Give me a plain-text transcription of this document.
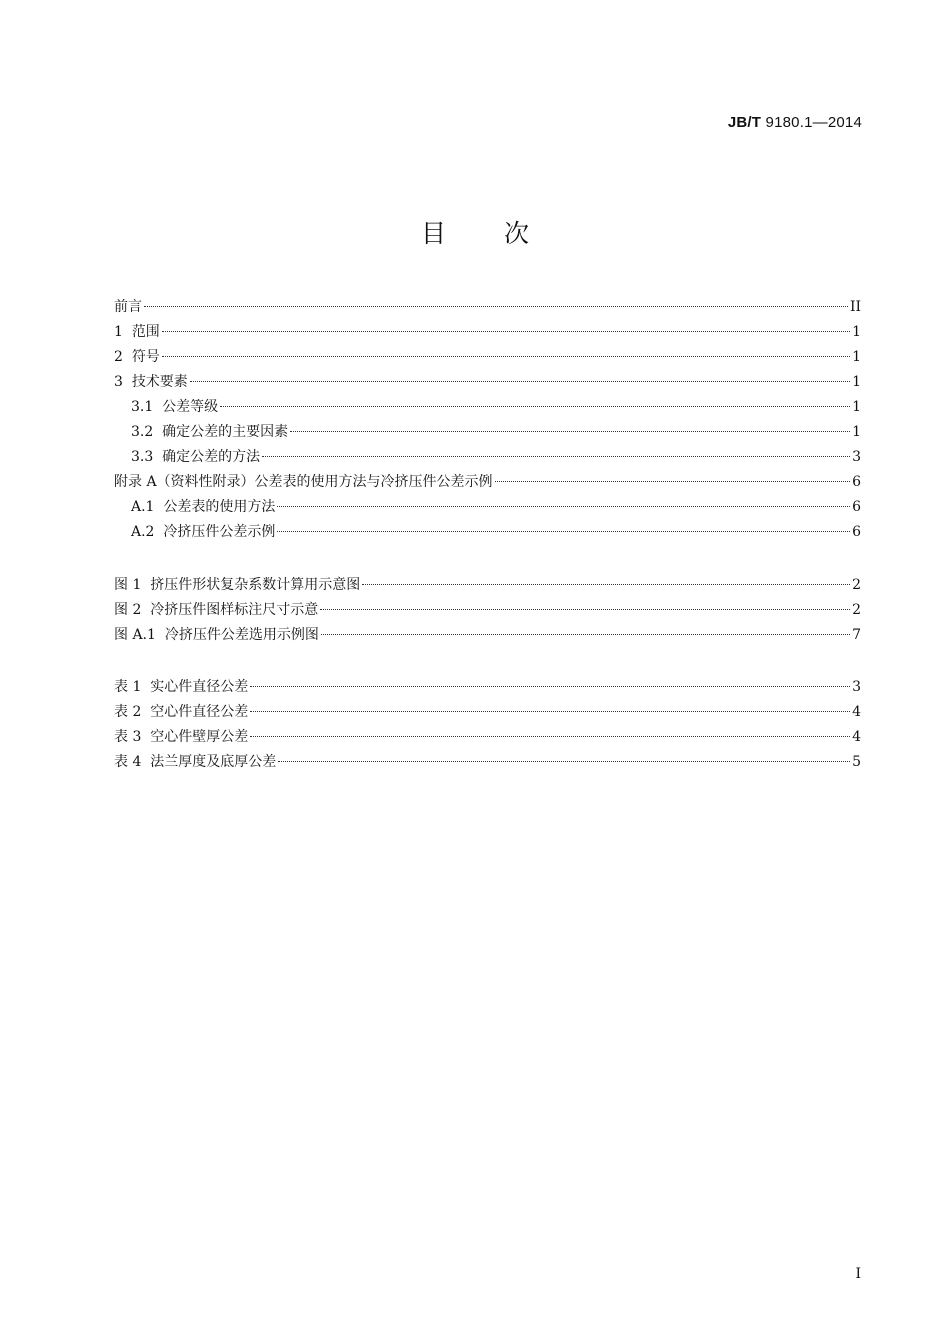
JB/T 9180.1—2014
目次
前言	II
1 范围	1
2 符号	1
3 技术要素	1
3.1 公差等级	1
3.2 确定公差的主要因素	1
3.3 确定公差的方法	3
附录 A（资料性附录）公差表的使用方法与冷挤压件公差示例	6
A.1 公差表的使用方法	6
A.2 冷挤压件公差示例	6
图 1 挤压件形状复杂系数计算用示意图	2
图 2 冷挤压件图样标注尺寸示意	2
图 A.1 冷挤压件公差选用示例图	7
表 1 实心件直径公差	3
表 2 空心件直径公差	4
表 3 空心件壁厚公差	4
表 4 法兰厚度及底厚公差	5
I
